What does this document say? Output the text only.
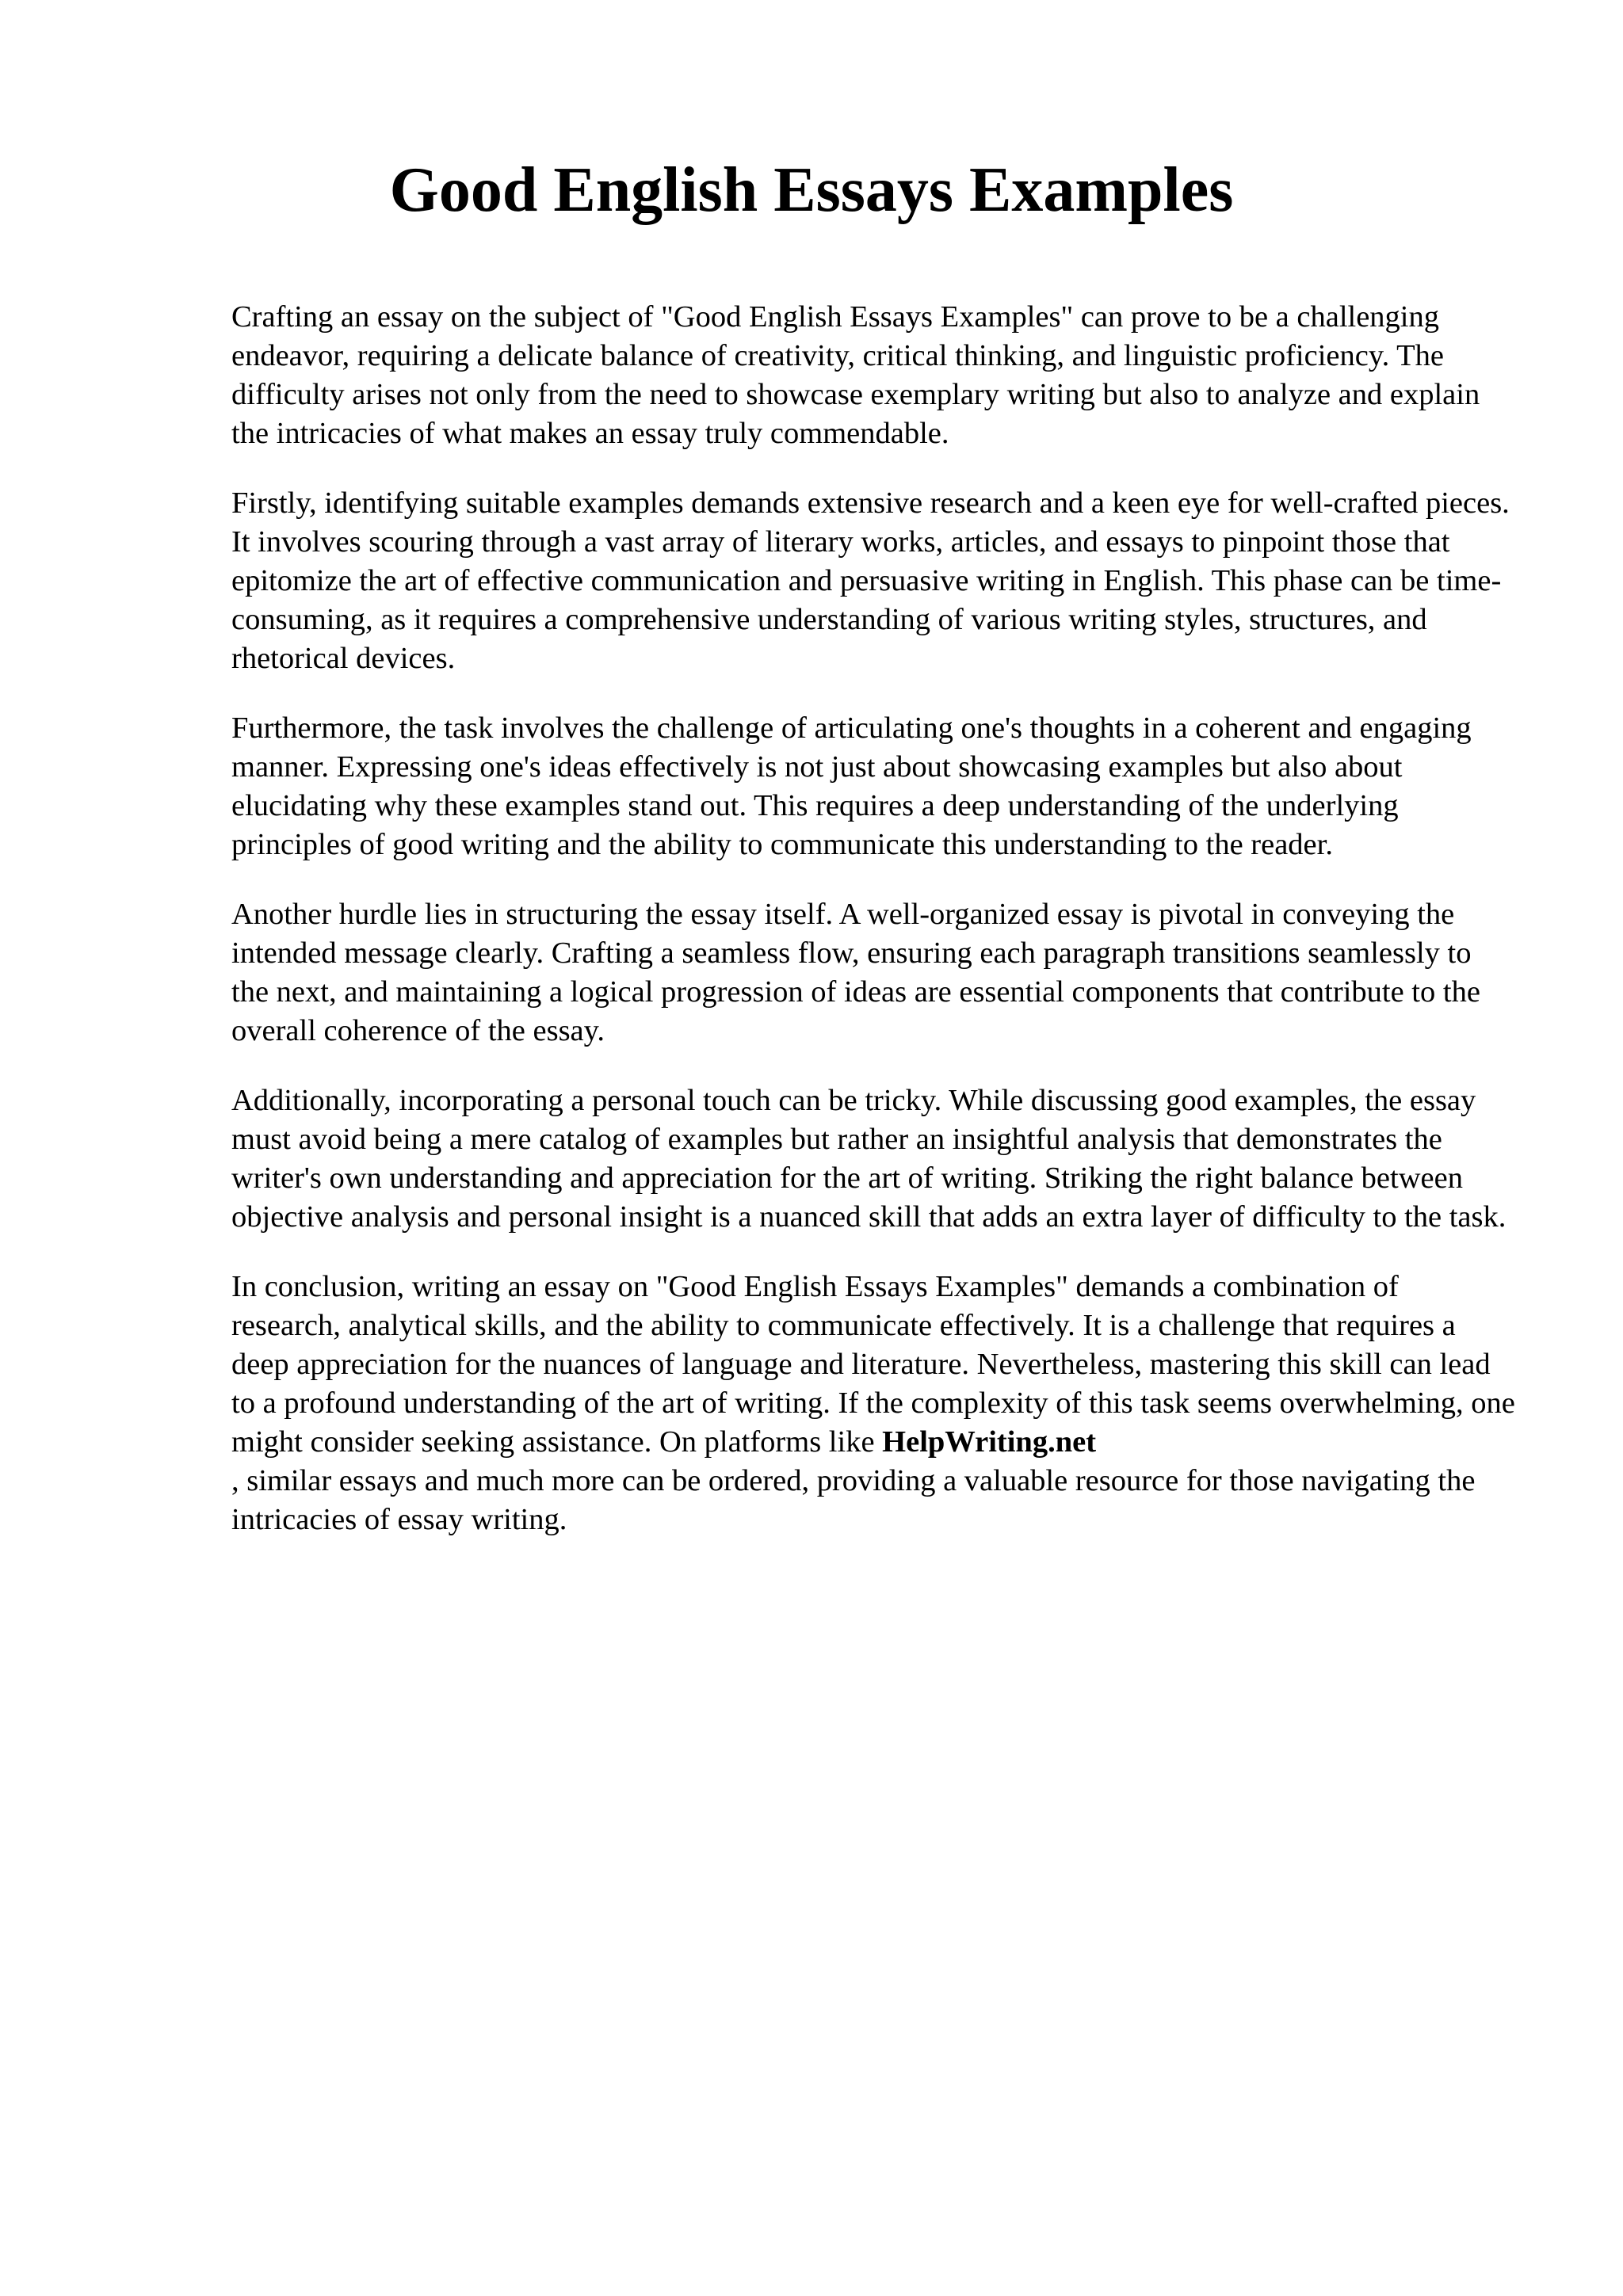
Good English Essays Examples

Crafting an essay on the subject of "Good English Essays Examples" can prove to be a challenging endeavor, requiring a delicate balance of creativity, critical thinking, and linguistic proficiency. The difficulty arises not only from the need to showcase exemplary writing but also to analyze and explain the intricacies of what makes an essay truly commendable.

Firstly, identifying suitable examples demands extensive research and a keen eye for well-crafted pieces. It involves scouring through a vast array of literary works, articles, and essays to pinpoint those that epitomize the art of effective communication and persuasive writing in English. This phase can be time-consuming, as it requires a comprehensive understanding of various writing styles, structures, and rhetorical devices.

Furthermore, the task involves the challenge of articulating one's thoughts in a coherent and engaging manner. Expressing one's ideas effectively is not just about showcasing examples but also about elucidating why these examples stand out. This requires a deep understanding of the underlying principles of good writing and the ability to communicate this understanding to the reader.

Another hurdle lies in structuring the essay itself. A well-organized essay is pivotal in conveying the intended message clearly. Crafting a seamless flow, ensuring each paragraph transitions seamlessly to the next, and maintaining a logical progression of ideas are essential components that contribute to the overall coherence of the essay.

Additionally, incorporating a personal touch can be tricky. While discussing good examples, the essay must avoid being a mere catalog of examples but rather an insightful analysis that demonstrates the writer's own understanding and appreciation for the art of writing. Striking the right balance between objective analysis and personal insight is a nuanced skill that adds an extra layer of difficulty to the task.

In conclusion, writing an essay on "Good English Essays Examples" demands a combination of research, analytical skills, and the ability to communicate effectively. It is a challenge that requires a deep appreciation for the nuances of language and literature. Nevertheless, mastering this skill can lead to a profound understanding of the art of writing. If the complexity of this task seems overwhelming, one might consider seeking assistance. On platforms like HelpWriting.net
, similar essays and much more can be ordered, providing a valuable resource for those navigating the intricacies of essay writing.
